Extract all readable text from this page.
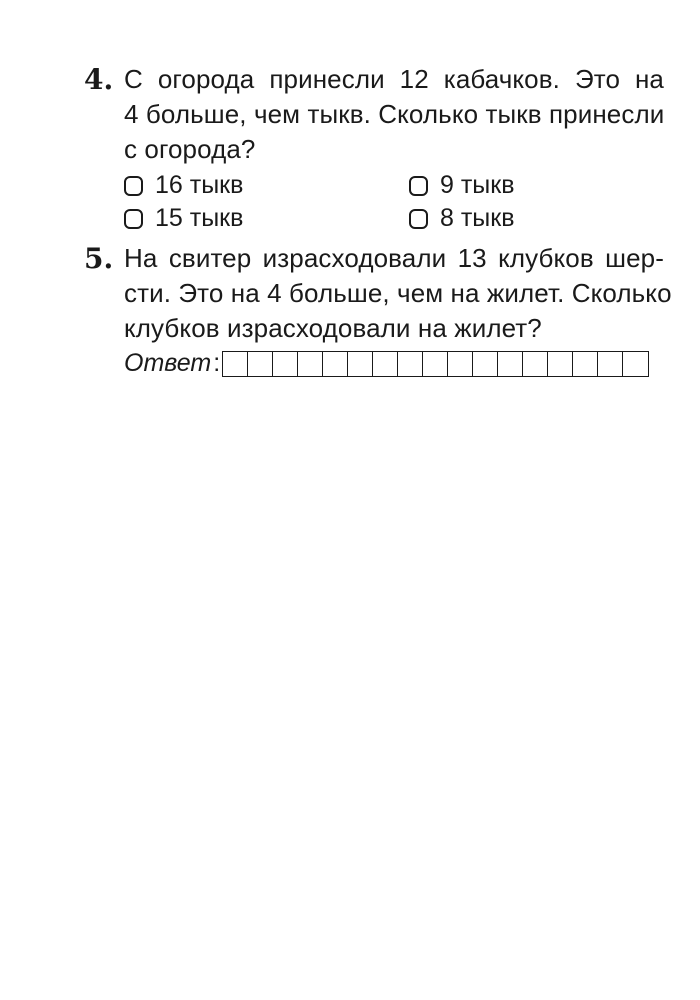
4. С огорода принесли 12 кабачков. Это на
4 больше, чем тыкв. Сколько тыкв принесли
с огорода?
16 тыкв	9 тыкв
15 тыкв	8 тыкв
5. На свитер израсходовали 13 клубков шер-
сти. Это на 4 больше, чем на жилет. Сколько
клубков израсходовали на жилет?
Ответ :
